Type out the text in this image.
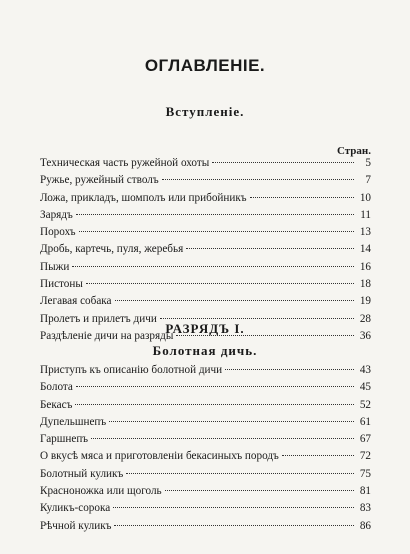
ОГЛАВЛЕНIЕ.
Вступленіе.
Стран.
Техническая часть ружейной охоты	5
Ружье, ружейный стволъ	7
Ложа, прикладъ, шомполъ или прибойникъ	10
Зарядъ	11
Порохъ	13
Дробь, картечь, пуля, жеребья	14
Пыжи	16
Пистоны	18
Легавая собака	19
Пролетъ и прилетъ дичи	28
Раздѣленіе дичи на разряды	36
РАЗРЯДЪ I.
Болотная дичь.
Приступъ къ описанію болотной дичи	43
Болота	45
Бекасъ	52
Дупельшнепъ	61
Гаршнепъ	67
О вкусѣ мяса и приготовленіи бекасиныхъ породъ	72
Болотный куликъ	75
Красноножка или щоголь	81
Куликъ-сорока	83
Рѣчной куликъ	86
